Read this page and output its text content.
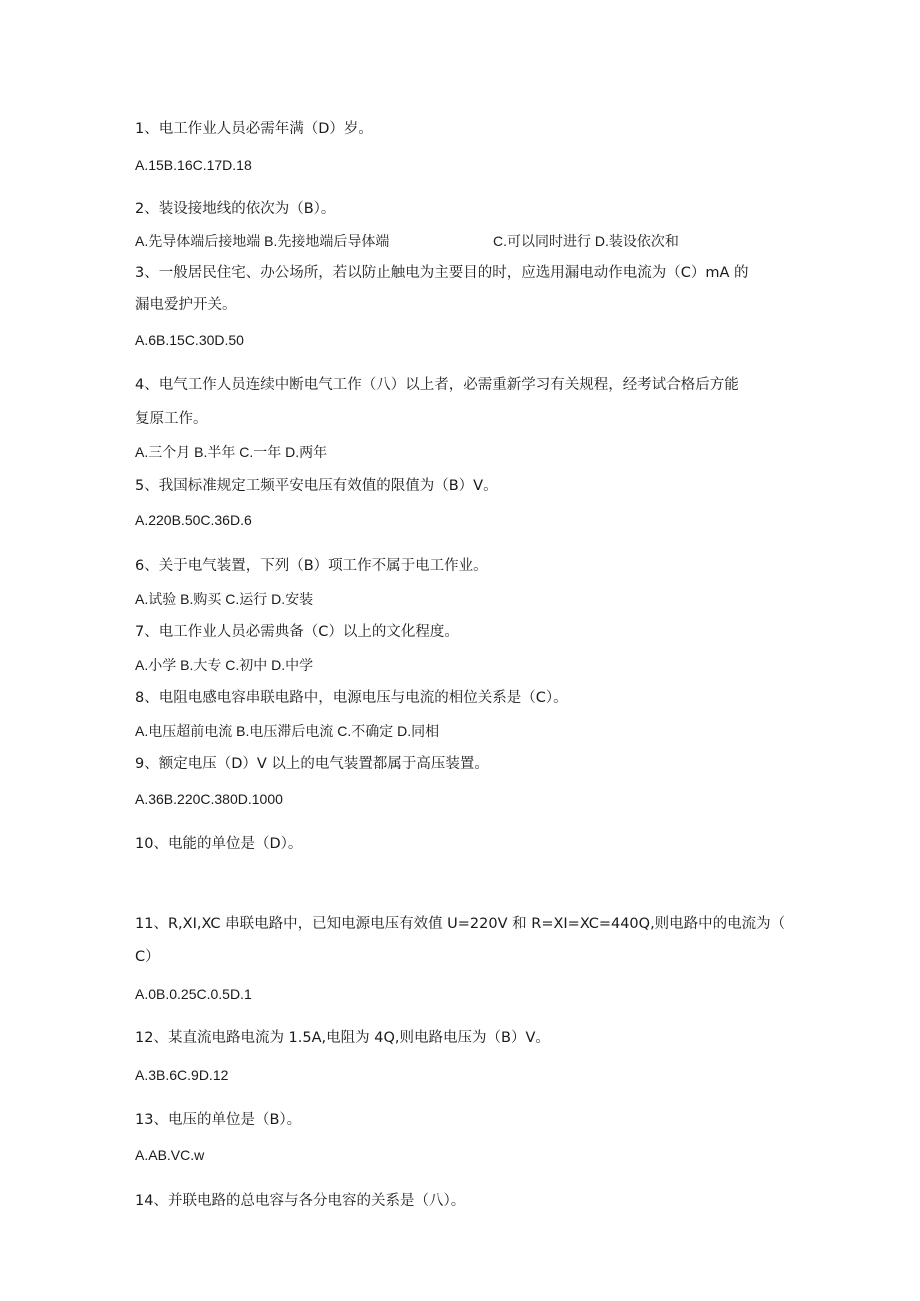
1、电工作业人员必需年满（D）岁。
A.15B.16C.17D.18
2、装设接地线的依次为（B）。
A.先导体端后接地端 B.先接地端后导体端	C.可以同时进行 D.装设依次和
3、一般居民住宅、办公场所，若以防止触电为主要目的时，应选用漏电动作电流为（C）mA 的
漏电爱护开关。
A.6B.15C.30D.50
4、电气工作人员连续中断电气工作（八）以上者，必需重新学习有关规程，经考试合格后方能
复原工作。
A.三个月 B.半年 C.一年 D.两年
5、我国标准规定工频平安电压有效值的限值为（B）V。
A.220B.50C.36D.6
6、关于电气装置，下列（B）项工作不属于电工作业。
A.试验 B.购买 C.运行 D.安装
7、电工作业人员必需典备（C）以上的文化程度。
A.小学 B.大专 C.初中 D.中学
8、电阻电感电容串联电路中，电源电压与电流的相位关系是（C）。
A.电压超前电流 B.电压滞后电流 C.不确定 D.同相
9、额定电压（D）V 以上的电气装置都属于高压装置。
A.36B.220C.380D.1000
10、电能的单位是（D）。
11、R,XI,XC 串联电路中，已知电源电压有效值 U=220V 和 R=XI=XC=440Q,则电路中的电流为（
C）
A.0B.0.25C.0.5D.1
12、某直流电路电流为 1.5A,电阻为 4Q,则电路电压为（B）V。
A.3B.6C.9D.12
13、电压的单位是（B）。
A.AB.VC.w
14、并联电路的总电容与各分电容的关系是（八）。
